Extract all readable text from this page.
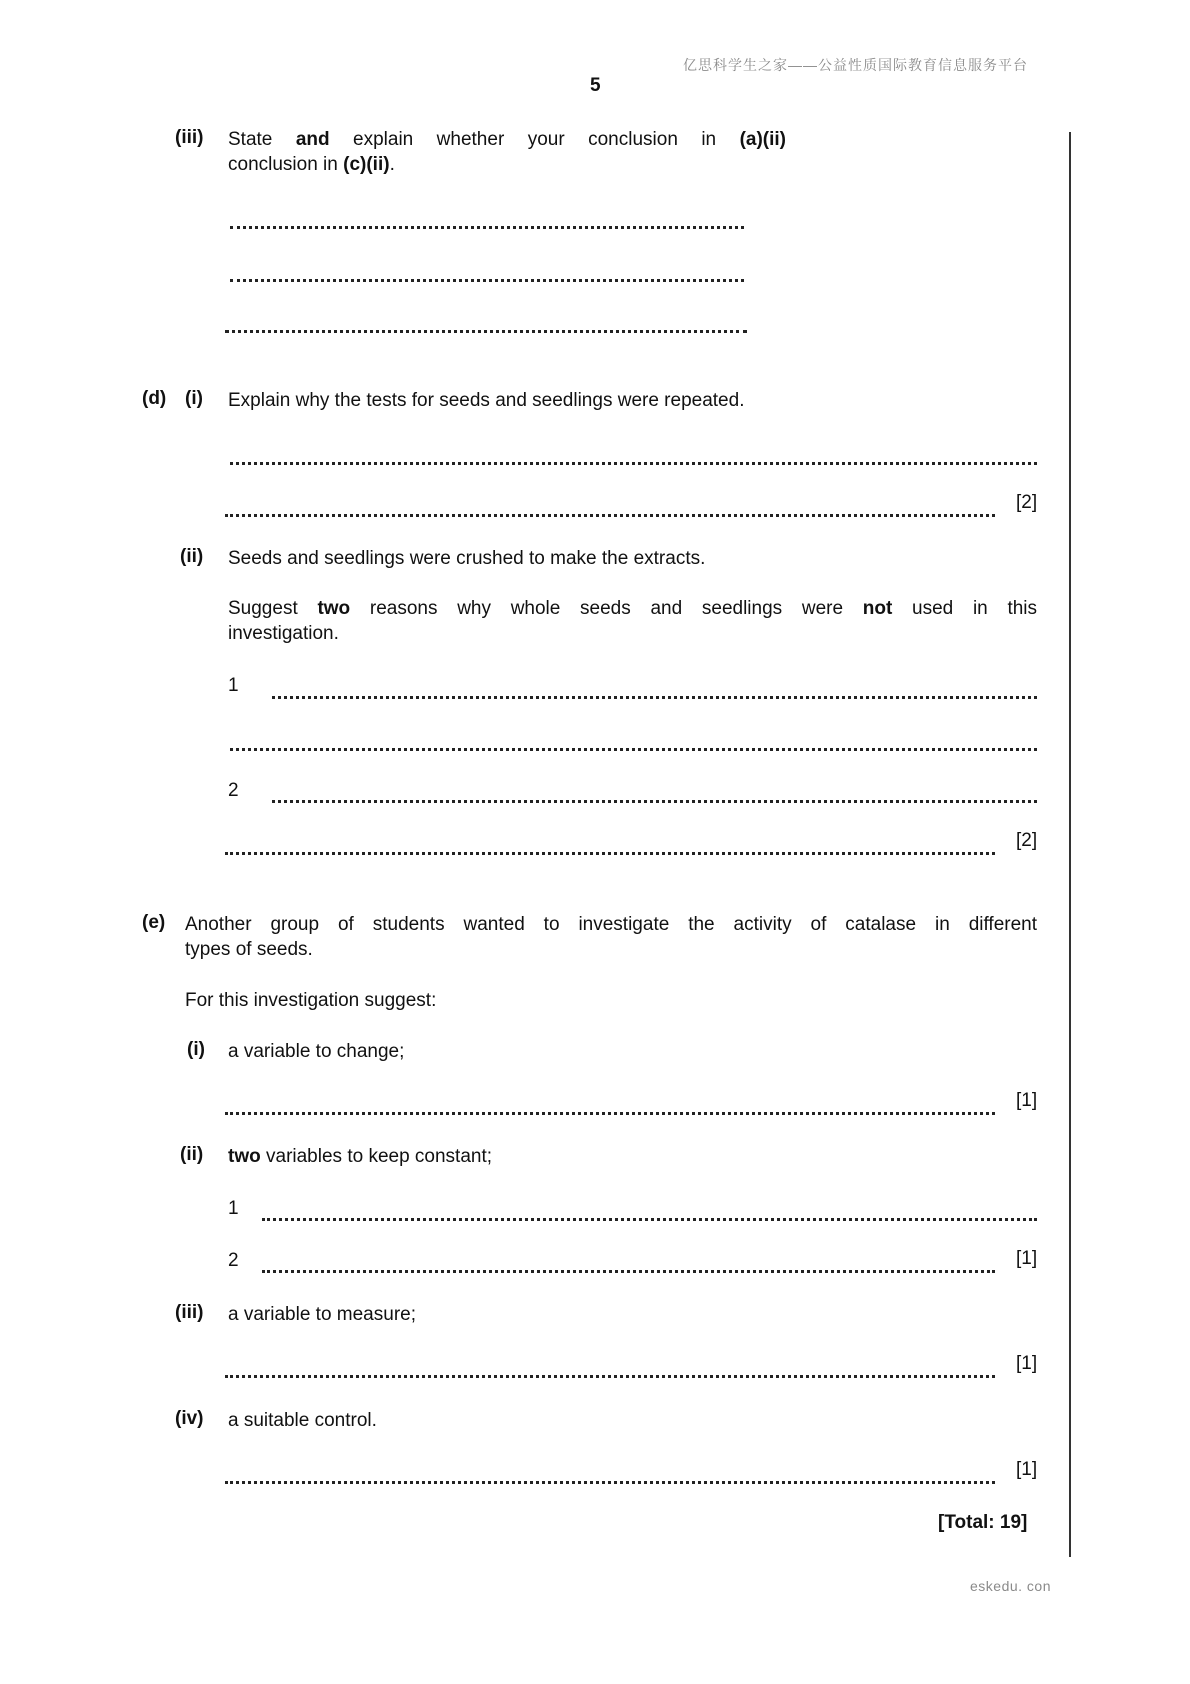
亿思科学生之家——公益性质国际教育信息服务平台
5
(iii) State and explain whether your conclusion in (a)(ii)
conclusion in (c)(ii).
(d) (i) Explain why the tests for seeds and seedlings were repeated.
[2]
(ii) Seeds and seedlings were crushed to make the extracts.
Suggest two reasons why whole seeds and seedlings were not used in this
investigation.
1
2
[2]
(e) Another group of students wanted to investigate the activity of catalase in different
types of seeds.
For this investigation suggest:
(i) a variable to change;
[1]
(ii) two variables to keep constant;
1
2	[1]
(iii) a variable to measure;
[1]
(iv) a suitable control.
[1]
[Total: 19]
eskedu. con
